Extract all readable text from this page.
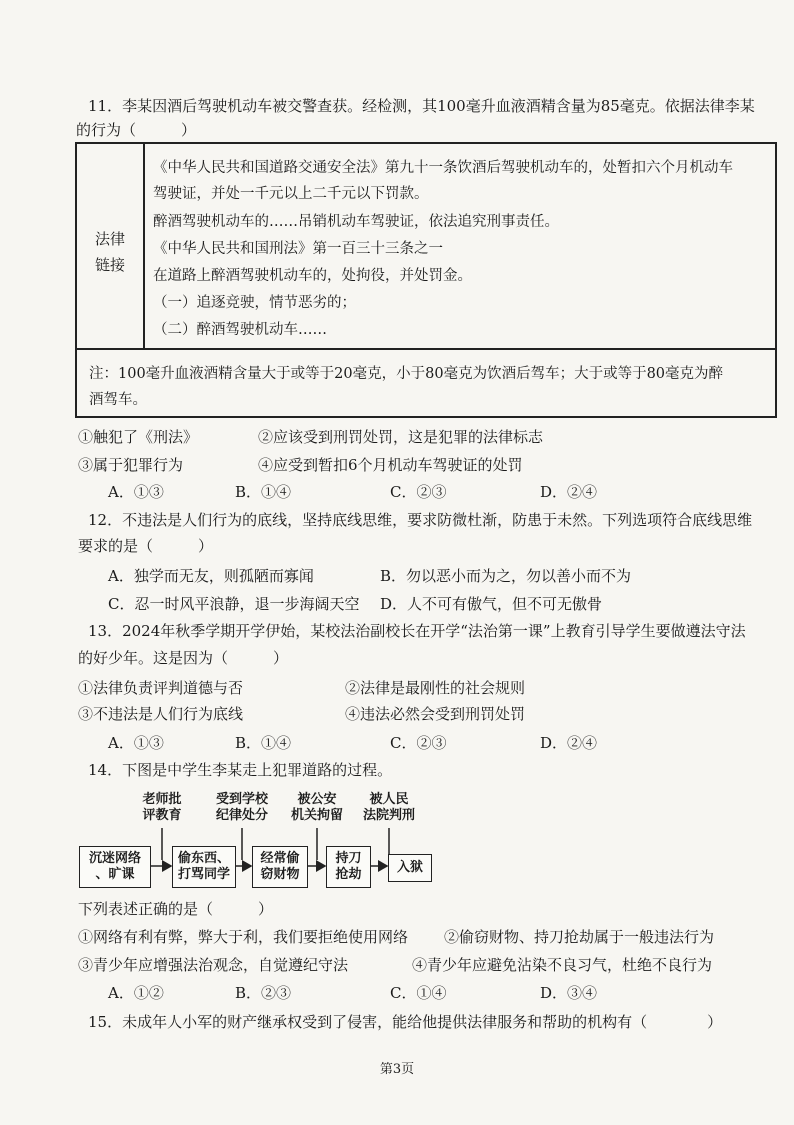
11．李某因酒后驾驶机动车被交警查获。经检测，其100毫升血液酒精含量为85毫克。依据法律李某
的行为（　　　）
法律
链接
《中华人民共和国道路交通安全法》第九十一条饮酒后驾驶机动车的，处暂扣六个月机动车
驾驶证，并处一千元以上二千元以下罚款。
醉酒驾驶机动车的……吊销机动车驾驶证，依法追究刑事责任。
《中华人民共和国刑法》第一百三十三条之一
在道路上醉酒驾驶机动车的，处拘役，并处罚金。
（一）追逐竞驶，情节恶劣的；
（二）醉酒驾驶机动车……
注：100毫升血液酒精含量大于或等于20毫克，小于80毫克为饮酒后驾车；大于或等于80毫克为醉
酒驾车。
①触犯了《刑法》	②应该受到刑罚处罚，这是犯罪的法律标志
③属于犯罪行为	④应受到暂扣6个月机动车驾驶证的处罚
A．①③	B．①④	C．②③	D．②④
12．不违法是人们行为的底线，坚持底线思维，要求防微杜渐，防患于未然。下列选项符合底线思维
要求的是（　　　）
A．独学而无友，则孤陋而寡闻	B．勿以恶小而为之，勿以善小而不为
C．忍一时风平浪静，退一步海阔天空 D．人不可有傲气，但不可无傲骨
13．2024年秋季学期开学伊始，某校法治副校长在开学“法治第一课”上教育引导学生要做遵法守法
的好少年。这是因为（　　　）
①法律负责评判道德与否	②法律是最刚性的社会规则
③不违法是人们行为底线	④违法必然会受到刑罚处罚
A．①③	B．①④	C．②③	D．②④
14．下图是中学生李某走上犯罪道路的过程。
老师批
评教育
受到学校
纪律处分
被公安
机关拘留
被人民
法院判刑
沉迷网络
、旷课
偷东西、
打骂同学
经常偷
窃财物
持刀
抢劫	入狱
下列表述正确的是（　　　）
①网络有利有弊，弊大于利，我们要拒绝使用网络 ②偷窃财物、持刀抢劫属于一般违法行为
③青少年应增强法治观念，自觉遵纪守法	④青少年应避免沾染不良习气，杜绝不良行为
A．①②	B．②③	C．①④	D．③④
15．未成年人小军的财产继承权受到了侵害，能给他提供法律服务和帮助的机构有（　　　　）
第3页
